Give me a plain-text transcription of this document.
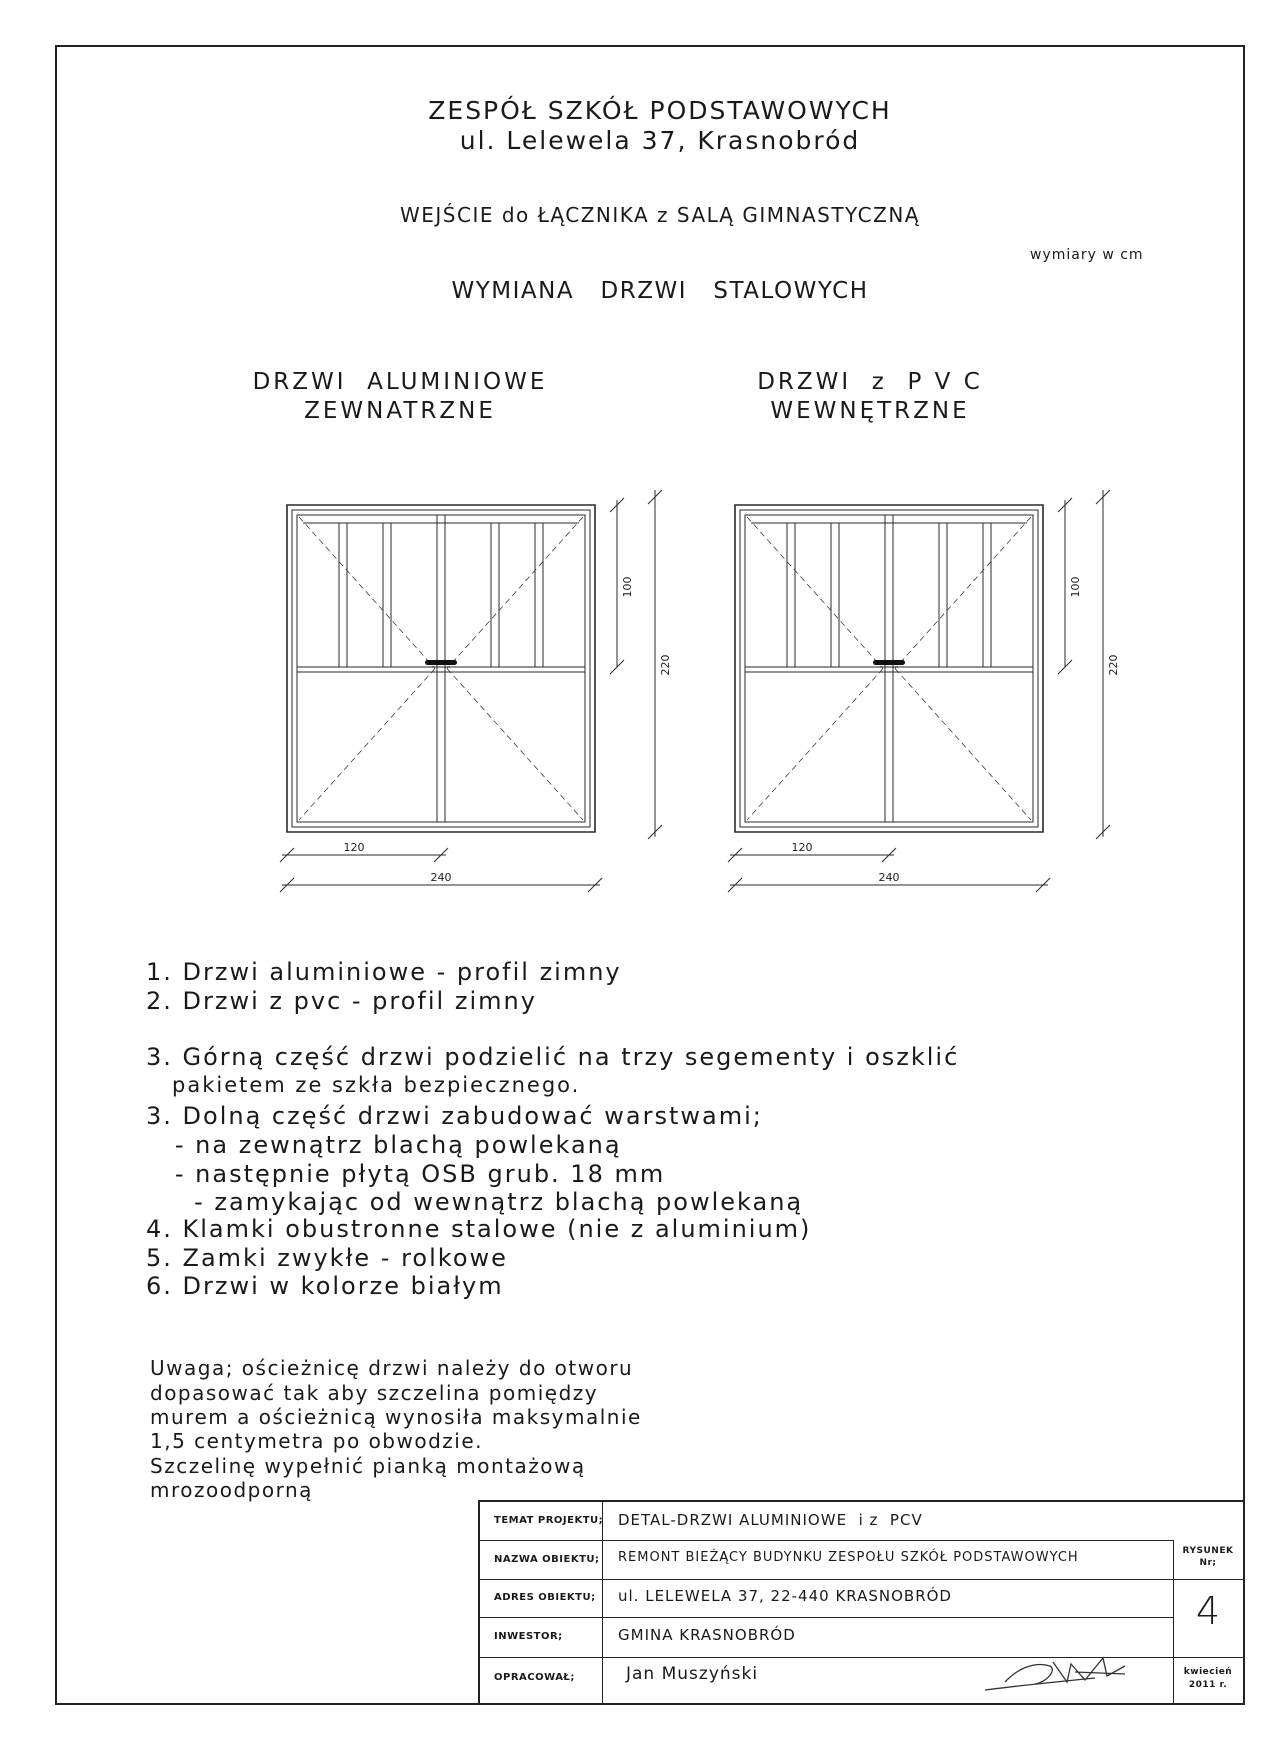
ZESPÓŁ SZKÓŁ PODSTAWOWYCH
ul. Lelewela 37, Krasnobród
WEJŚCIE do ŁĄCZNIKA z SALĄ GIMNASTYCZNĄ
wymiary w cm
WYMIANA   DRZWI   STALOWYCH
DRZWI  ALUMINIOWE
ZEWNATRZNE
DRZWI  z  P V C
WEWNĘTRZNE
100
220
120
240
100
220
120
240
1. Drzwi aluminiowe - profil zimny
2. Drzwi z pvc - profil zimny
3. Górną część drzwi podzielić na trzy segementy i oszklić
pakietem ze szkła bezpiecznego.
3. Dolną część drzwi zabudować warstwami;
- na zewnątrz blachą powlekaną
- następnie płytą OSB grub. 18 mm
- zamykając od wewnątrz blachą powlekaną
4. Klamki obustronne stalowe (nie z aluminium)
5. Zamki zwykłe - rolkowe
6. Drzwi w kolorze białym
Uwaga; ościeżnicę drzwi należy do otworu
dopasować tak aby szczelina pomiędzy
murem a ościeżnicą wynosiła maksymalnie
1,5 centymetra po obwodzie.
Szczelinę wypełnić pianką montażową
mrozoodporną
TEMAT PROJEKTU; DETAL-DRZWI ALUMINIOWE  i z  PCV
NAZWA OBIEKTU; REMONT BIEŻĄCY BUDYNKU ZESPOŁU SZKÓŁ PODSTAWOWYCH
ADRES OBIEKTU; ul. LELEWELA 37, 22-440 KRASNOBRÓD
INWESTOR;	GMINA KRASNOBRÓD
OPRACOWAŁ;	Jan Muszyński
RYSUNEK
Nr;
4
kwiecień
2011 r.
